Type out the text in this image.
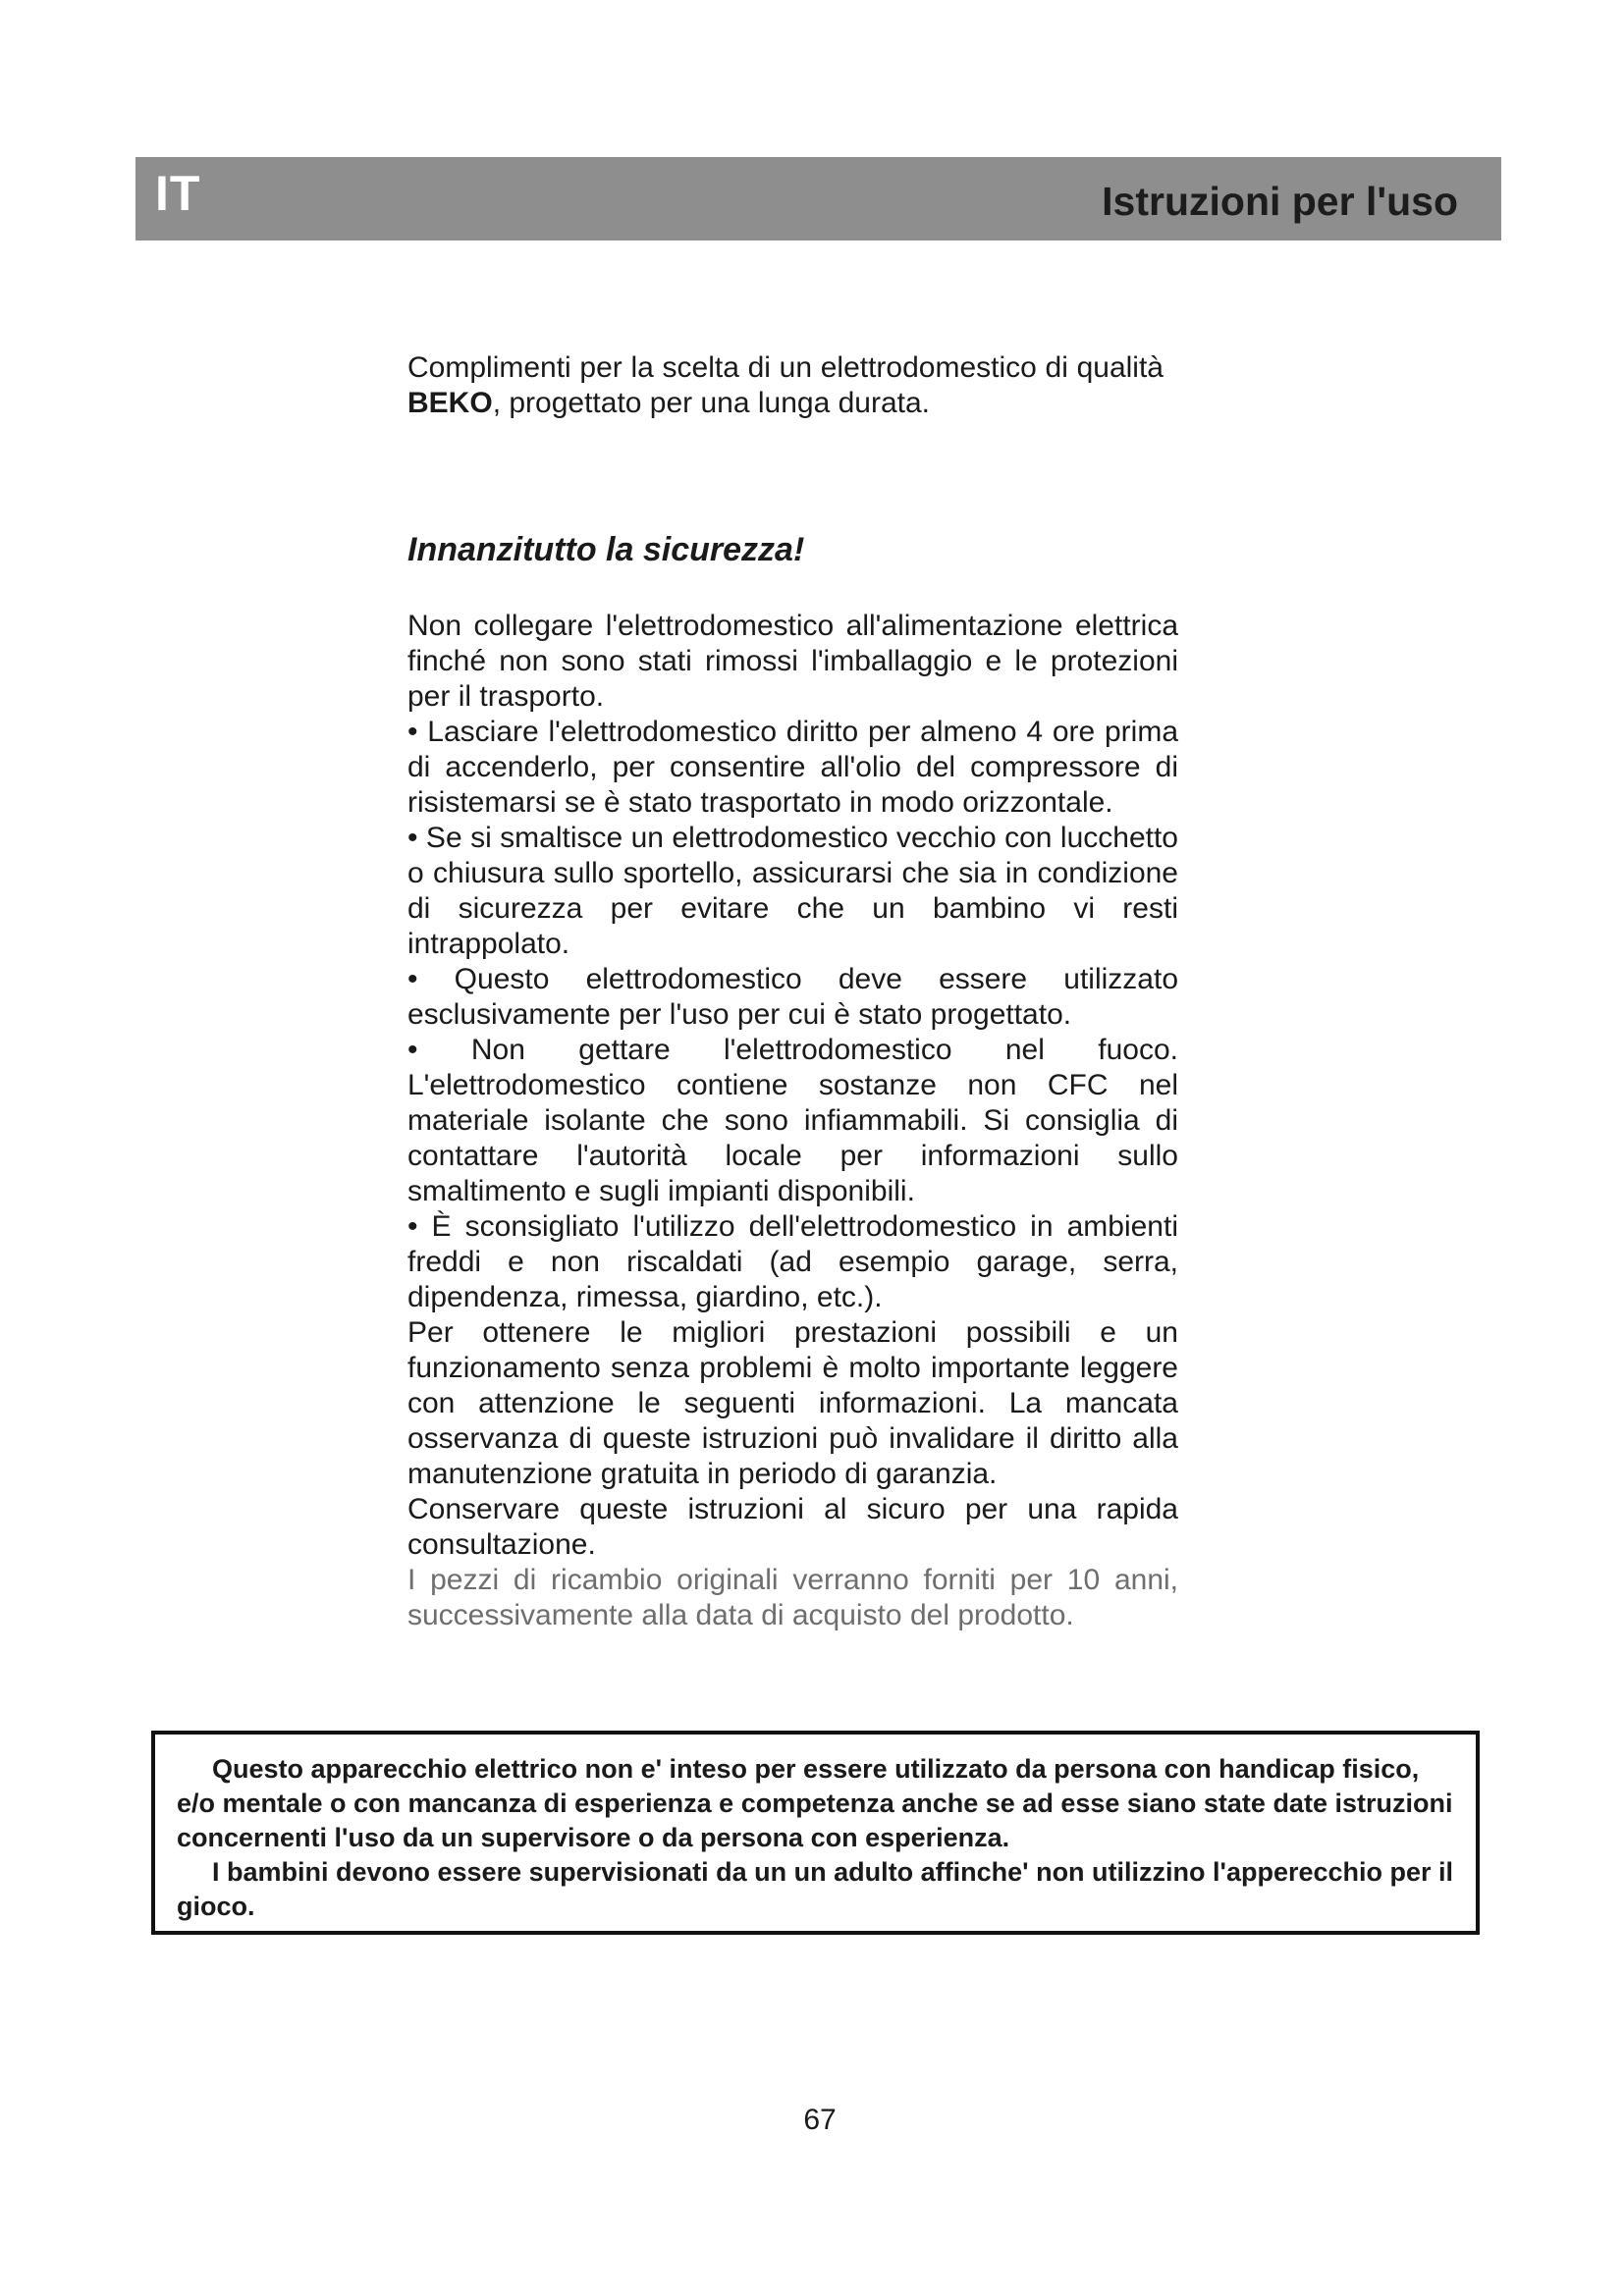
IT	Istruzioni per l'uso
Complimenti per la scelta di un elettrodomestico di qualità BEKO, progettato per una lunga durata.
Innanzitutto la sicurezza!

Non collegare l'elettrodomestico all'alimentazione elettrica finché non sono stati rimossi l'imballaggio e le protezioni per il trasporto.

• Lasciare l'elettrodomestico diritto per almeno 4 ore prima di accenderlo, per consentire all'olio del compressore di risistemarsi se è stato trasportato in modo orizzontale.

• Se si smaltisce un elettrodomestico vecchio con lucchetto o chiusura sullo sportello, assicurarsi che sia in condizione di sicurezza per evitare che un bambino vi resti intrappolato.

• Questo elettrodomestico deve essere utilizzato esclusivamente per l'uso per cui è stato progettato.

• Non gettare l'elettrodomestico nel fuoco. L'elettrodomestico contiene sostanze non CFC nel materiale isolante che sono infiammabili. Si consiglia di contattare l'autorità locale per informazioni sullo smaltimento e sugli impianti disponibili.

• È sconsigliato l'utilizzo dell'elettrodomestico in ambienti freddi e non riscaldati (ad esempio garage, serra, dipendenza, rimessa, giardino, etc.).

Per ottenere le migliori prestazioni possibili e un funzionamento senza problemi è molto importante leggere con attenzione le seguenti informazioni. La mancata osservanza di queste istruzioni può invalidare il diritto alla manutenzione gratuita in periodo di garanzia.

Conservare queste istruzioni al sicuro per una rapida consultazione.

I pezzi di ricambio originali verranno forniti per 10 anni, successivamente alla data di acquisto del prodotto.

Questo apparecchio elettrico non e' inteso per essere utilizzato da persona con handicap fisico, e/o mentale o con mancanza di esperienza e competenza anche se ad esse siano state date istruzioni concernenti l'uso da un supervisore o da persona con esperienza.

I bambini devono essere supervisionati da un un adulto affinche' non utilizzino l'apperecchio per il gioco.

67
